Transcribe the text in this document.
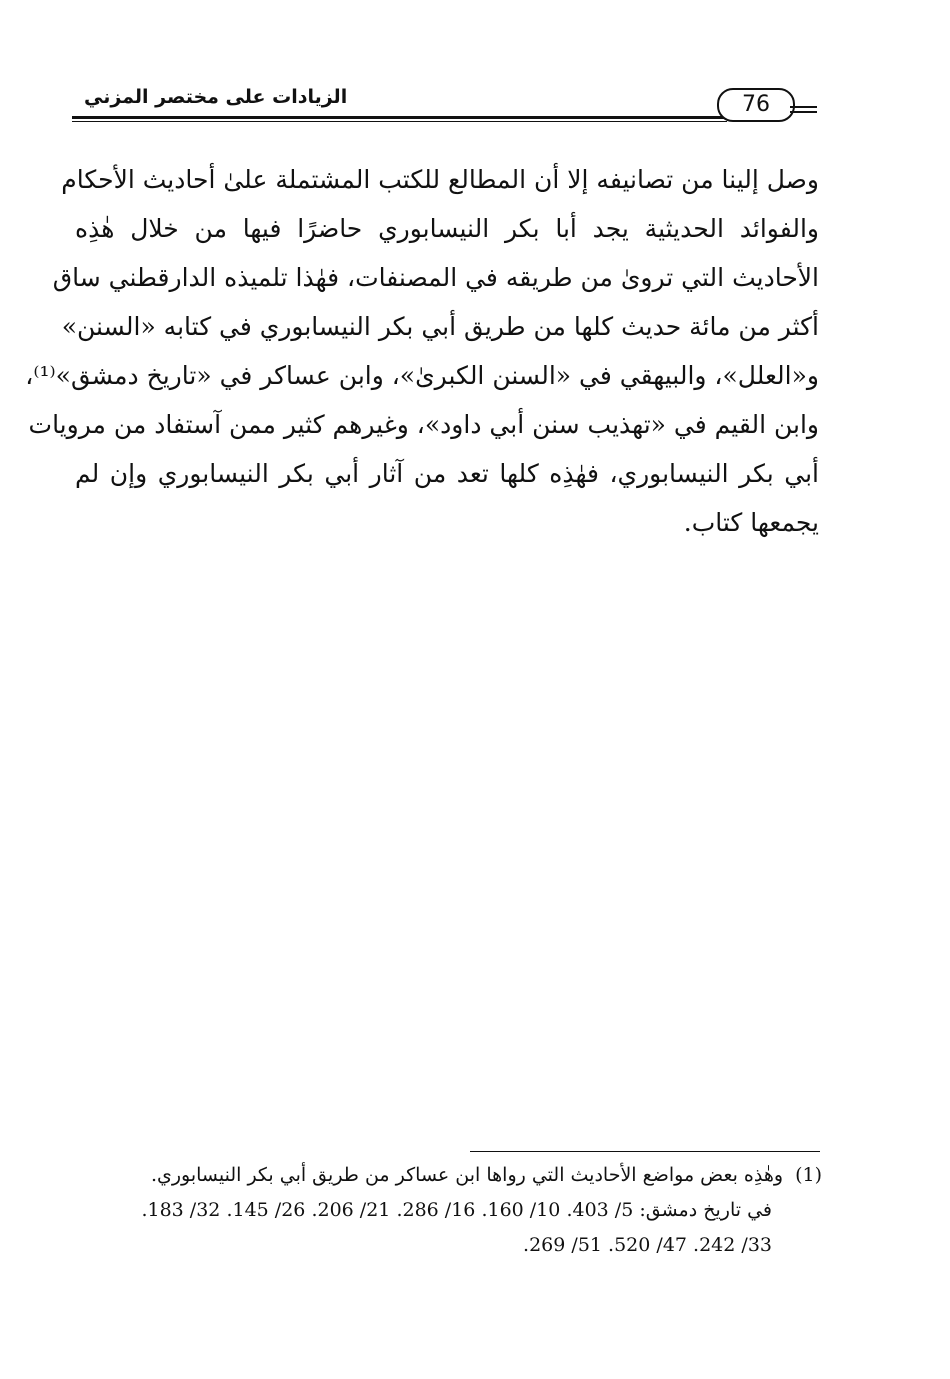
الزيادات على مختصر المزني	76
وصل إلينا من تصانيفه إلا أن المطالع للكتب المشتملة علىٰ أحاديث الأحكام
والفوائد الحديثية يجد أبا بكر النيسابوري حاضرًا فيها من خلال هٰذِه
الأحاديث التي تروىٰ من طريقه في المصنفات، فهٰذا تلميذه الدارقطني ساق
أكثر من مائة حديث كلها من طريق أبي بكر النيسابوري في كتابه «السنن»
و«العلل»، والبيهقي في «السنن الكبرىٰ»، وابن عساكر في «تاريخ دمشق»⁽¹⁾،
وابن القيم في «تهذيب سنن أبي داود»، وغيرهم كثير ممن آستفاد من مرويات
أبي بكر النيسابوري، فهٰذِه كلها تعد من آثار أبي بكر النيسابوري وإن لم
يجمعها كتاب.
(1)وهٰذِه بعض مواضع الأحاديث التي رواها ابن عساكر من طريق أبي بكر النيسابوري.
في تاريخ دمشق: 5/ 403. 10/ 160. 16/ 286. 21/ 206. 26/ 145. 32/ 183.
33/ 242. 47/ 520. 51/ 269.
